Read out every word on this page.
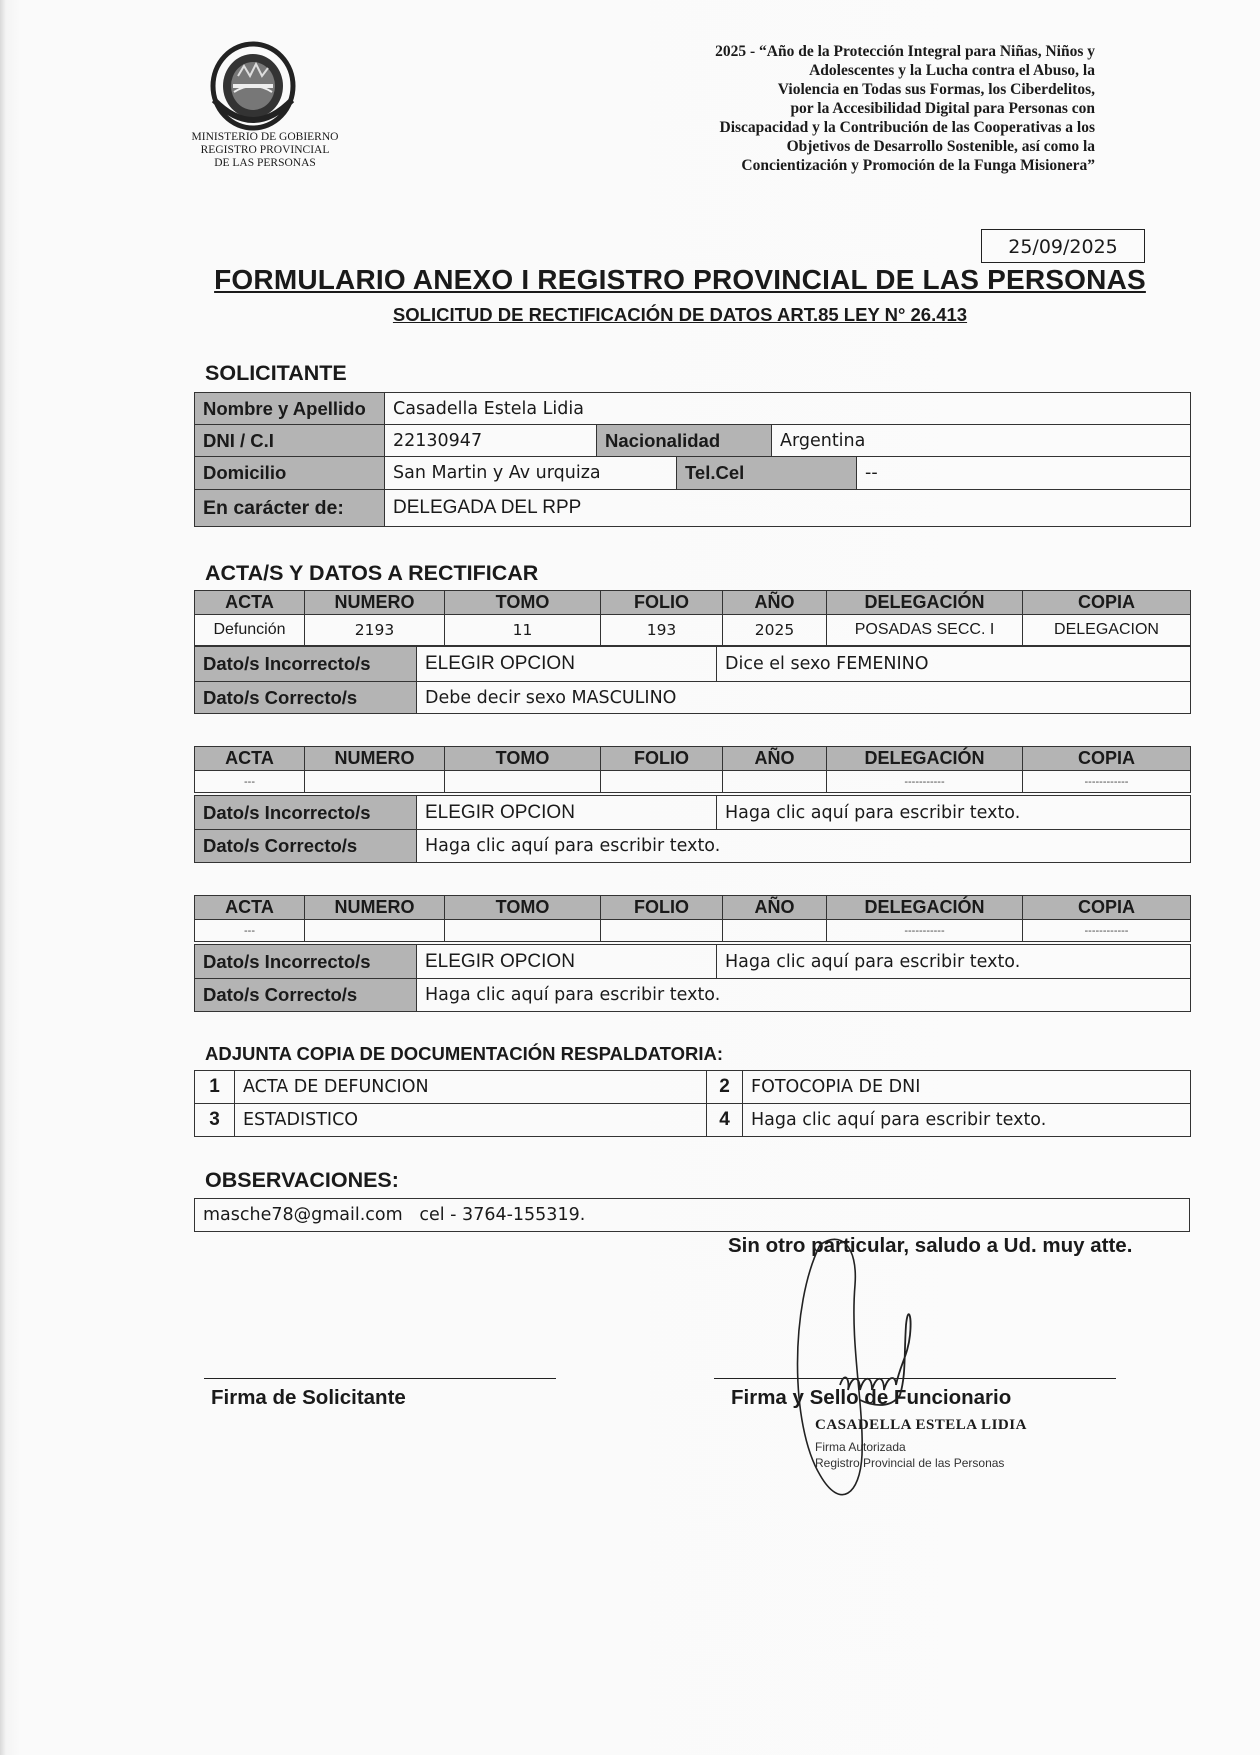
MINISTERIO DE GOBIERNO
REGISTRO PROVINCIAL
DE LAS PERSONAS
2025 - “Año de la Protección Integral para Niñas, Niños y
Adolescentes y la Lucha contra el Abuso, la
Violencia en Todas sus Formas, los Ciberdelitos,
por la Accesibilidad Digital para Personas con
Discapacidad y la Contribución de las Cooperativas a los
Objetivos de Desarrollo Sostenible, así como la
Concientización y Promoción de la Funga Misionera”
25/09/2025
FORMULARIO ANEXO I REGISTRO PROVINCIAL DE LAS PERSONAS
SOLICITUD DE RECTIFICACIÓN DE DATOS ART.85 LEY N° 26.413
SOLICITANTE
Nombre y Apellido	Casadella Estela Lidia				
DNI / C.I	22130947	Nacionalidad		Argentina	
Domicilio	San Martin y Av urquiza		Tel.Cel		--
En carácter de:	DELEGADA DEL RPP				
ACTA/S Y DATOS A RECTIFICAR
ACTA	NUMERO	TOMO	FOLIO	AÑO	DELEGACIÓN	COPIA
Defunción	2193	11	193	2025	POSADAS SECC. I	DELEGACION
Dato/s Incorrecto/s	ELEGIR OPCION	Dice el sexo FEMENINO
Dato/s Correcto/s	Debe decir sexo MASCULINO	
ACTA	NUMERO	TOMO	FOLIO	AÑO	DELEGACIÓN	COPIA
---					-----------	------------
Dato/s Incorrecto/s	ELEGIR OPCION	Haga clic aquí para escribir texto.
Dato/s Correcto/s	Haga clic aquí para escribir texto.	
ACTA	NUMERO	TOMO	FOLIO	AÑO	DELEGACIÓN	COPIA
---					-----------	------------
Dato/s Incorrecto/s	ELEGIR OPCION	Haga clic aquí para escribir texto.
Dato/s Correcto/s	Haga clic aquí para escribir texto.	
ADJUNTA COPIA DE DOCUMENTACIÓN RESPALDATORIA:
1	ACTA DE DEFUNCION	2	FOTOCOPIA DE DNI
3	ESTADISTICO	4	Haga clic aquí para escribir texto.
OBSERVACIONES:
masche78@gmail.com   cel - 3764-155319.
Sin otro particular, saludo a Ud. muy atte.
Firma de Solicitante	Firma y Sello de Funcionario
CASADELLA ESTELA LIDIA
Firma Autorizada
Registro Provincial de las Personas
